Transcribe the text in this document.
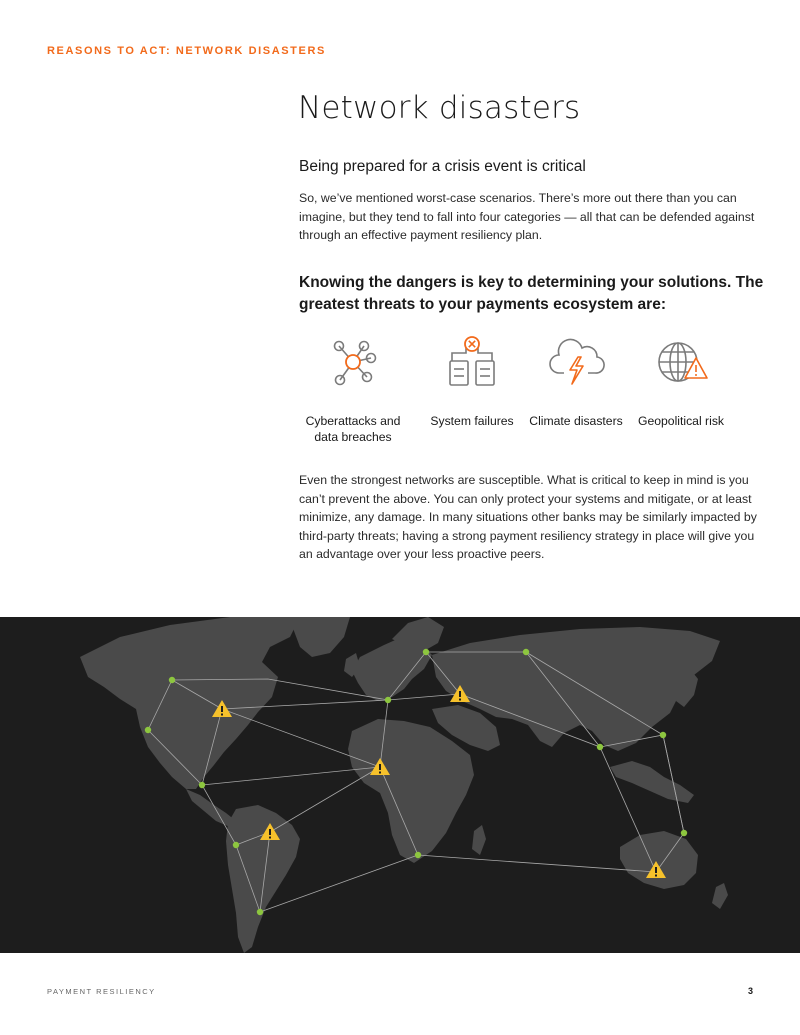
REASONS TO ACT: NETWORK DISASTERS
Network disasters
Being prepared for a crisis event is critical

So, we’ve mentioned worst-case scenarios. There’s more out there than you can imagine, but they tend to fall into four categories — all that can be defended against through an effective payment resiliency plan.

Knowing the dangers is key to determining your solutions. The greatest threats to your payments ecosystem are:

Cyberattacks and data breaches
System failures	Climate disasters	Geopolitical risk

Even the strongest networks are susceptible. What is critical to keep in mind is you can’t prevent the above. You can only protect your systems and mitigate, or at least minimize, any damage. In many situations other banks may be similarly impacted by third-party threats; having a strong payment resiliency strategy in place will give you an advantage over your less proactive peers.

PAYMENT RESILIENCY	3
